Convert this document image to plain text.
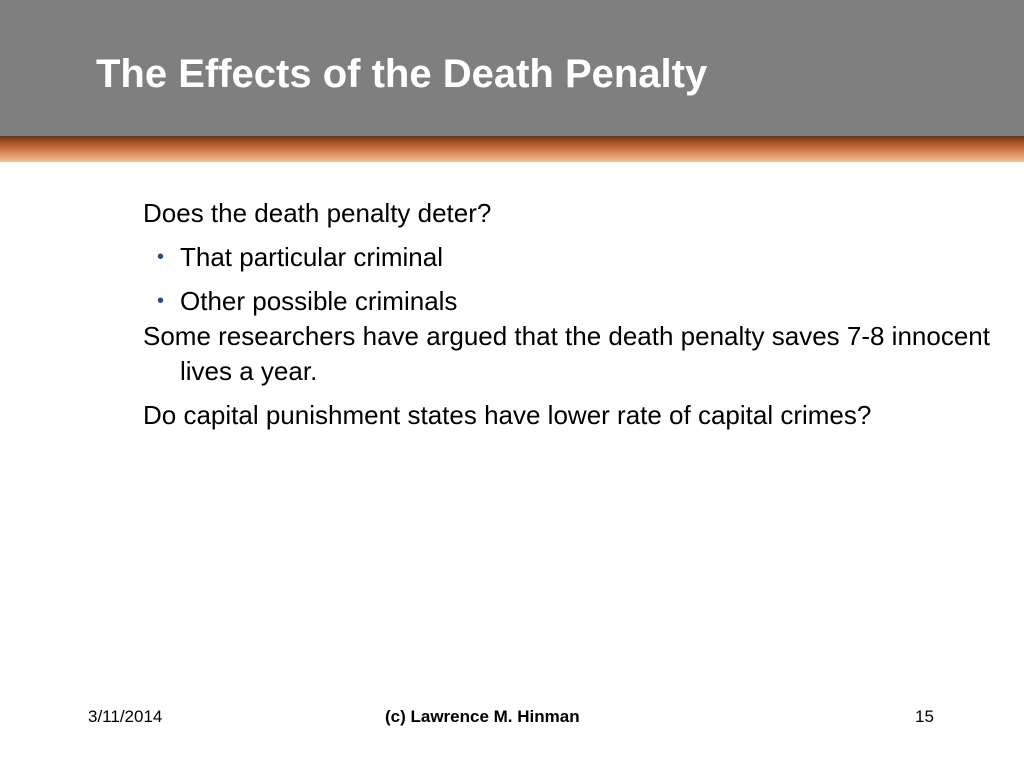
The Effects of the Death Penalty

Does the death penalty deter?

• That particular criminal
• Other possible criminals

Some researchers have argued that the death penalty saves 7-8 innocent lives a year.

Do capital punishment states have lower rate of capital crimes?

3/11/2014	(c) Lawrence M. Hinman	15
